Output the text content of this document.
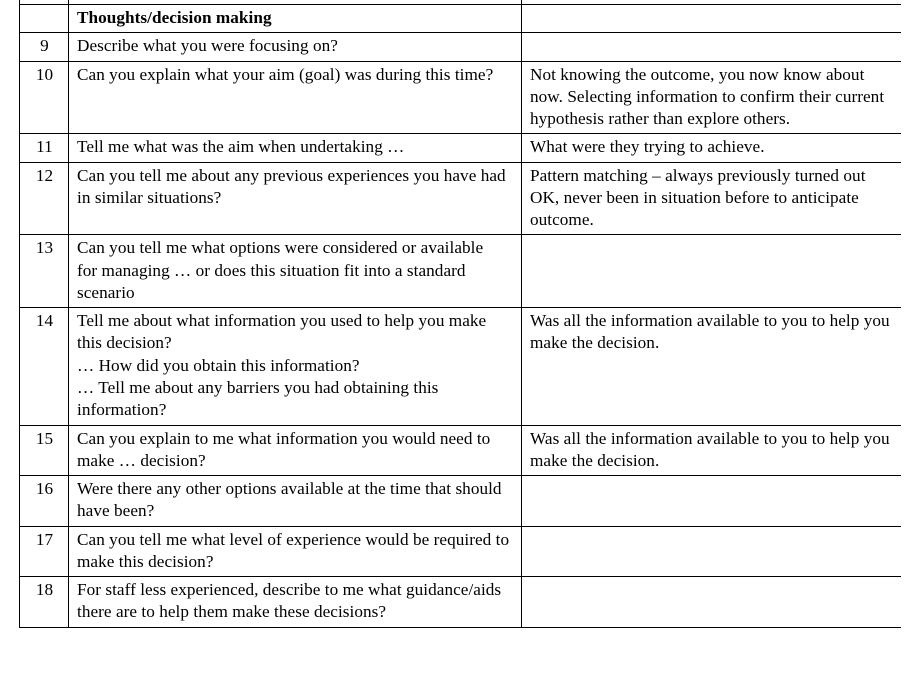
	Thoughts/decision making	
9	Describe what you were focusing on?	
10	Can you explain what your aim (goal) was during this time?	Not knowing the outcome, you now know about now. Selecting information to confirm their current hypothesis rather than explore others.
11	Tell me what was the aim when undertaking …	What were they trying to achieve.
12	Can you tell me about any previous experiences you have had in similar situations?	Pattern matching – always previously turned out OK, never been in situation before to anticipate outcome.
13	Can you tell me what options were considered or available
for managing … or does this situation fit into a standard scenario	

14	Tell me about what information you used to help you make this decision?
… How did you obtain this information?
… Tell me about any barriers you had obtaining this information?	Was all the information available to you to help you make the decision.
15	Can you explain to me what information you would need to make … decision?	Was all the information available to you to help you make the decision.
16	Were there any other options available at the time that should have been?	
17	Can you tell me what level of experience would be required to make this decision?	
18	For staff less experienced, describe to me what guidance/aids there are to help them make these decisions?	
